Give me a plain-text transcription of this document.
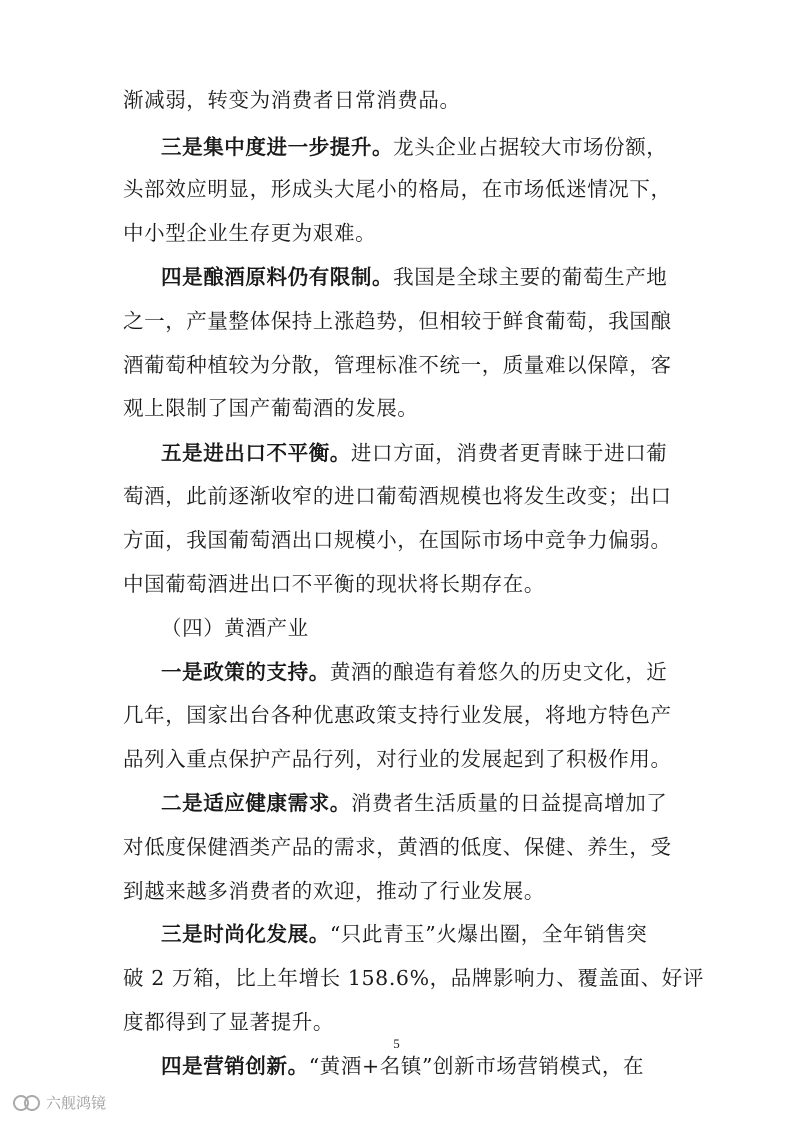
渐减弱，转变为消费者日常消费品。
三是集中度进一步提升。龙头企业占据较大市场份额，
头部效应明显，形成头大尾小的格局，在市场低迷情况下，
中小型企业生存更为艰难。
四是酿酒原料仍有限制。我国是全球主要的葡萄生产地
之一，产量整体保持上涨趋势，但相较于鲜食葡萄，我国酿
酒葡萄种植较为分散，管理标准不统一，质量难以保障，客
观上限制了国产葡萄酒的发展。
五是进出口不平衡。进口方面，消费者更青睐于进口葡
萄酒，此前逐渐收窄的进口葡萄酒规模也将发生改变；出口
方面，我国葡萄酒出口规模小，在国际市场中竞争力偏弱。
中国葡萄酒进出口不平衡的现状将长期存在。
（四）黄酒产业
一是政策的支持。黄酒的酿造有着悠久的历史文化，近
几年，国家出台各种优惠政策支持行业发展，将地方特色产
品列入重点保护产品行列，对行业的发展起到了积极作用。
二是适应健康需求。消费者生活质量的日益提高增加了
对低度保健酒类产品的需求，黄酒的低度、保健、养生，受
到越来越多消费者的欢迎，推动了行业发展。
三是时尚化发展。“只此青玉”火爆出圈，全年销售突
破 2 万箱，比上年增长 158.6%，品牌影响力、覆盖面、好评
度都得到了显著提升。
四是营销创新。“黄酒+名镇”创新市场营销模式，在
5
六舰鸿镜
